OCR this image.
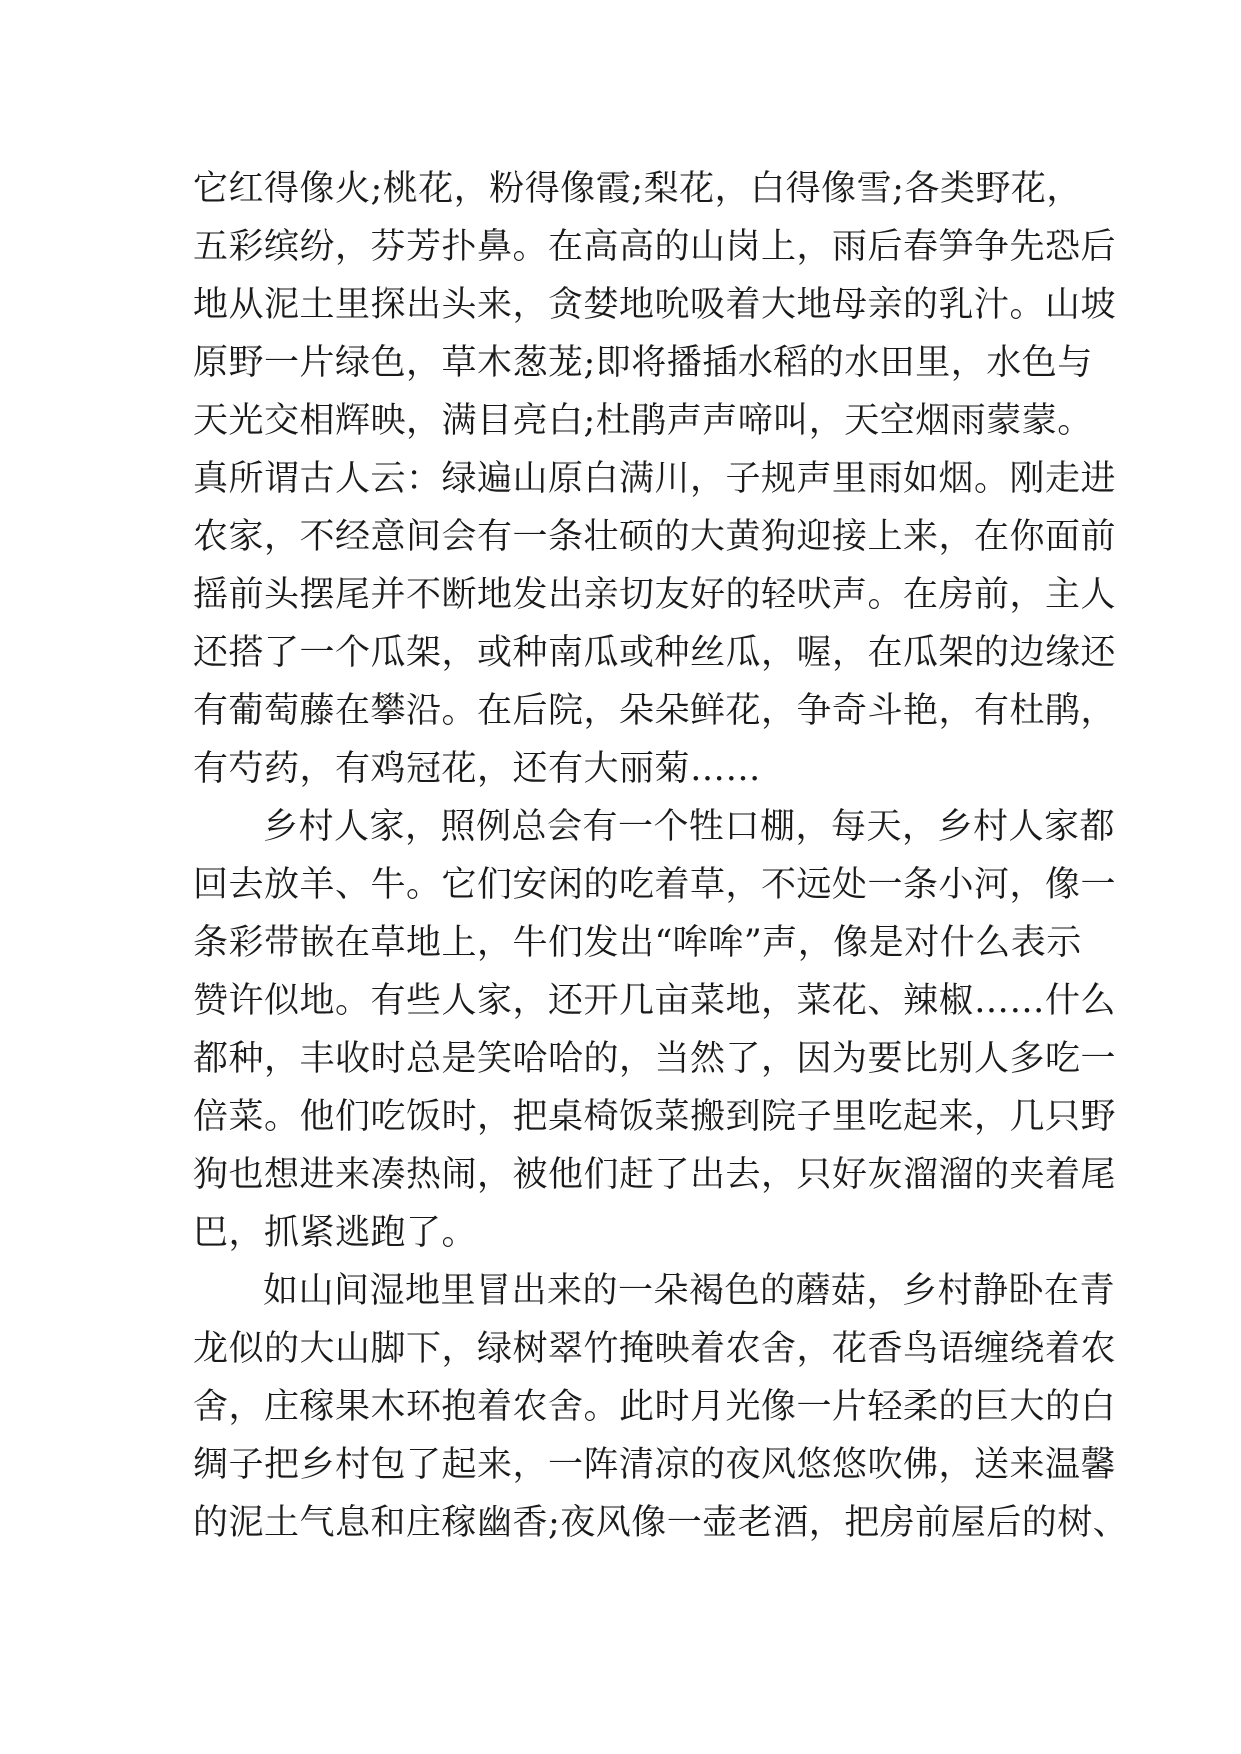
它红得像火;桃花，粉得像霞;梨花，白得像雪;各类野花，
五彩缤纷，芬芳扑鼻。在高高的山岗上，雨后春笋争先恐后
地从泥土里探出头来，贪婪地吮吸着大地母亲的乳汁。山坡
原野一片绿色，草木葱茏;即将播插水稻的水田里，水色与
天光交相辉映，满目亮白;杜鹃声声啼叫，天空烟雨蒙蒙。
真所谓古人云：绿遍山原白满川，子规声里雨如烟。刚走进
农家，不经意间会有一条壮硕的大黄狗迎接上来，在你面前
摇前头摆尾并不断地发出亲切友好的轻吠声。在房前，主人
还搭了一个瓜架，或种南瓜或种丝瓜，喔，在瓜架的边缘还
有葡萄藤在攀沿。在后院，朵朵鲜花，争奇斗艳，有杜鹃，
有芍药，有鸡冠花，还有大丽菊……
乡村人家，照例总会有一个牲口棚，每天，乡村人家都
回去放羊、牛。它们安闲的吃着草，不远处一条小河，像一
条彩带嵌在草地上，牛们发出“哞哞”声，像是对什么表示
赞许似地。有些人家，还开几亩菜地，菜花、辣椒……什么
都种，丰收时总是笑哈哈的，当然了，因为要比别人多吃一
倍菜。他们吃饭时，把桌椅饭菜搬到院子里吃起来，几只野
狗也想进来凑热闹，被他们赶了出去，只好灰溜溜的夹着尾
巴，抓紧逃跑了。
如山间湿地里冒出来的一朵褐色的蘑菇，乡村静卧在青
龙似的大山脚下，绿树翠竹掩映着农舍，花香鸟语缠绕着农
舍，庄稼果木环抱着农舍。此时月光像一片轻柔的巨大的白
绸子把乡村包了起来，一阵清凉的夜风悠悠吹佛，送来温馨
的泥土气息和庄稼幽香;夜风像一壶老酒，把房前屋后的树、
